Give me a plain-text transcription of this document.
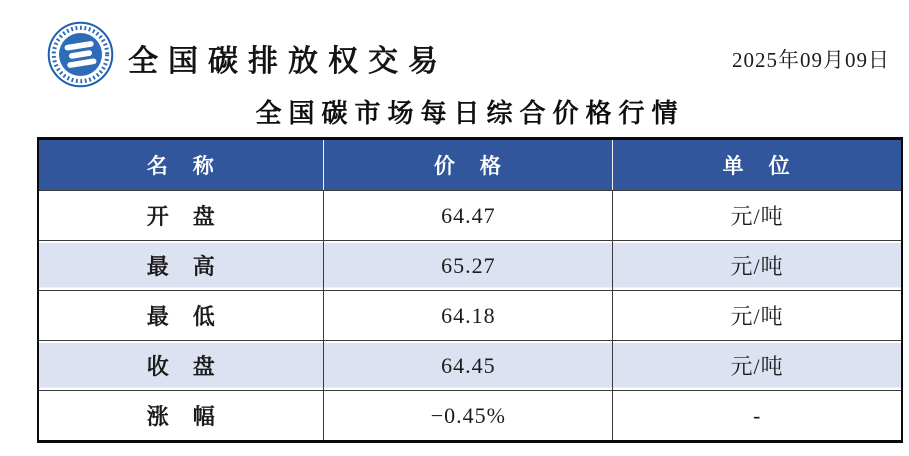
全国碳排放权交易	2025年09月09日
全国碳市场每日综合价格行情
名　称	价　格	单　位
开　盘	64.47	元/吨
最　高	65.27	元/吨
最　低	64.18	元/吨
收　盘	64.45	元/吨
涨　幅	−0.45%	-
